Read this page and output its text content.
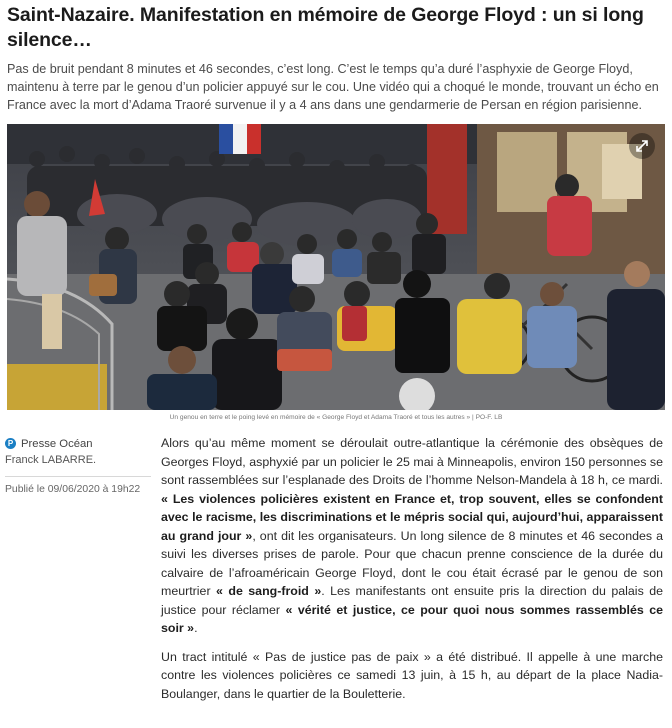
Saint-Nazaire. Manifestation en mémoire de George Floyd : un si long silence…

Pas de bruit pendant 8 minutes et 46 secondes, c’est long. C’est le temps qu’a duré l’asphyxie de George Floyd, maintenu à terre par le genou d’un policier appuyé sur le cou. Une vidéo qui a choqué le monde, trouvant un écho en France avec la mort d’Adama Traoré survenue il y a 4 ans dans une gendarmerie de Persan en région parisienne.

Un genou en terre et le poing levé en mémoire de « George Floyd et Adama Traoré et tous les autres » | PO-F. LB
P Presse Océan
Franck LABARRE.
Publié le 09/06/2020 à 19h22

Alors qu’au même moment se déroulait outre-atlantique la cérémonie des obsèques de Georges Floyd, asphyxié par un policier le 25 mai à Minneapolis, environ 150 personnes se sont rassemblées sur l’esplanade des Droits de l’homme Nelson-Mandela à 18 h, ce mardi. « Les violences policières existent en France et, trop souvent, elles se confondent avec le racisme, les discriminations et le mépris social qui, aujourd’hui, apparaissent au grand jour », ont dit les organisateurs. Un long silence de 8 minutes et 46 secondes a suivi les diverses prises de parole. Pour que chacun prenne conscience de la durée du calvaire de l’afroaméricain George Floyd, dont le cou était écrasé par le genou de son meurtrier « de sang-froid ». Les manifestants ont ensuite pris la direction du palais de justice pour réclamer « vérité et justice, ce pour quoi nous sommes rassemblés ce soir ».

Un tract intitulé « Pas de justice pas de paix » a été distribué. Il appelle à une marche contre les violences policières ce samedi 13 juin, à 15 h, au départ de la place Nadia-Boulanger, dans le quartier de la Bouletterie.
